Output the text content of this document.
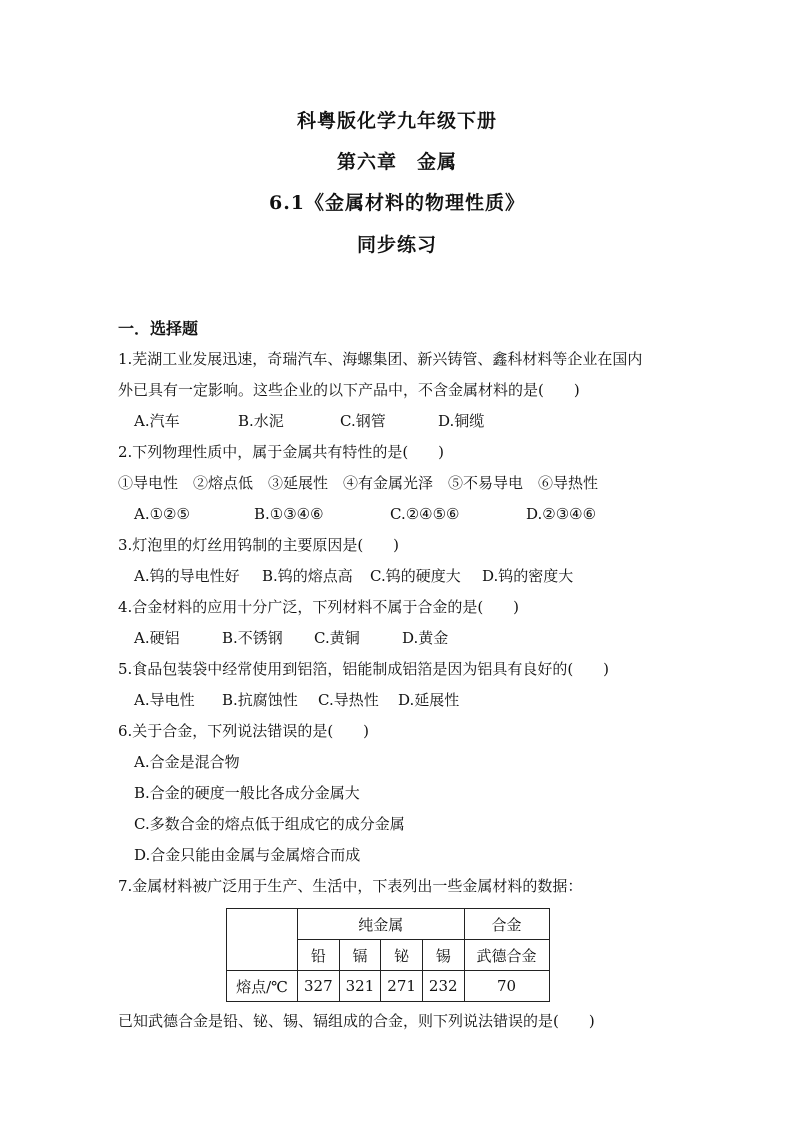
科粤版化学九年级下册
第六章　金属
6.1《金属材料的物理性质》
同步练习
一．选择题
1.芜湖工业发展迅速，奇瑞汽车、海螺集团、新兴铸管、鑫科材料等企业在国内
外已具有一定影响。这些企业的以下产品中，不含金属材料的是(　　)
A.汽车	B.水泥	C.钢管	D.铜缆
2.下列物理性质中，属于金属共有特性的是(　　)
①导电性　②熔点低　③延展性　④有金属光泽　⑤不易导电　⑥导热性
A.①②⑤	B.①③④⑥	C.②④⑤⑥	D.②③④⑥
3.灯泡里的灯丝用钨制的主要原因是(　　)
A.钨的导电性好	B.钨的熔点高	C.钨的硬度大	D.钨的密度大
4.合金材料的应用十分广泛，下列材料不属于合金的是(　　)
A.硬铝	B.不锈钢	C.黄铜	D.黄金
5.食品包装袋中经常使用到铝箔，铝能制成铝箔是因为铝具有良好的(　　)
A.导电性	B.抗腐蚀性	C.导热性	D.延展性
6.关于合金，下列说法错误的是(　　)
A.合金是混合物
B.合金的硬度一般比各成分金属大
C.多数合金的熔点低于组成它的成分金属
D.合金只能由金属与金属熔合而成
7.金属材料被广泛用于生产、生活中，下表列出一些金属材料的数据：
	纯金属				合金
	铅	镉	铋	锡	武德合金
熔点/℃	327	321	271	232	70
已知武德合金是铅、铋、锡、镉组成的合金，则下列说法错误的是(　　)
